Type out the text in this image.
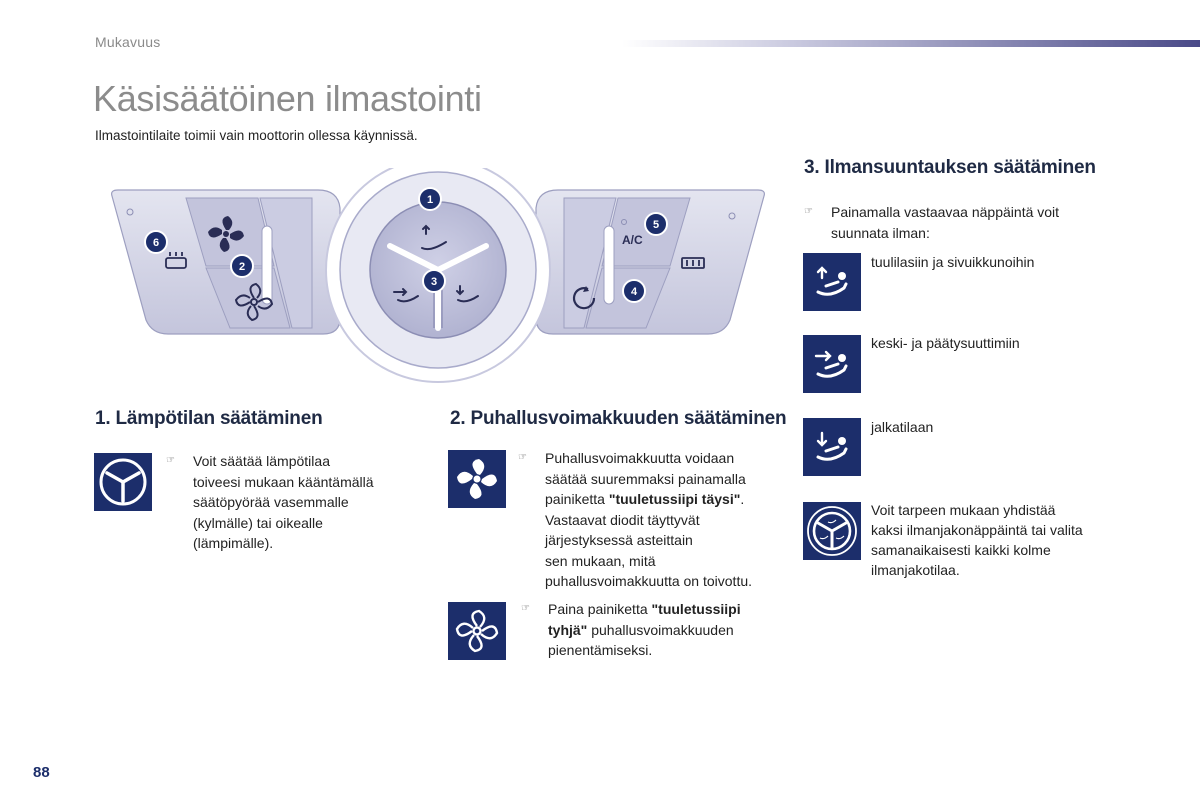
Mukavuus
Käsisäätöinen ilmastointi
Ilmastointilaite toimii vain moottorin ollessa käynnissä.
A/C
1
2
3
4
5
6
1. Lämpötilan säätäminen
☞ Voit säätää lämpötilaa
toiveesi mukaan kääntämällä
säätöpyörää vasemmalle
(kylmälle) tai oikealle
(lämpimälle).
2. Puhallusvoimakkuuden säätäminen
☞ Puhallusvoimakkuutta voidaan
säätää suuremmaksi painamalla
painiketta "tuuletussiipi täysi".
Vastaavat diodit täyttyvät
järjestyksessä asteittain
sen mukaan, mitä
puhallusvoimakkuutta on toivottu.
☞ Paina painiketta "tuuletussiipi
tyhjä" puhallusvoimakkuuden
pienentämiseksi.
3. Ilmansuuntauksen säätäminen
☞ Painamalla vastaavaa näppäintä voit
suunnata ilman:
tuulilasiin ja sivuikkunoihin
keski- ja päätysuuttimiin
jalkatilaan
Voit tarpeen mukaan yhdistää
kaksi ilmanjakonäppäintä tai valita
samanaikaisesti kaikki kolme
ilmanjakotilaa.
88
